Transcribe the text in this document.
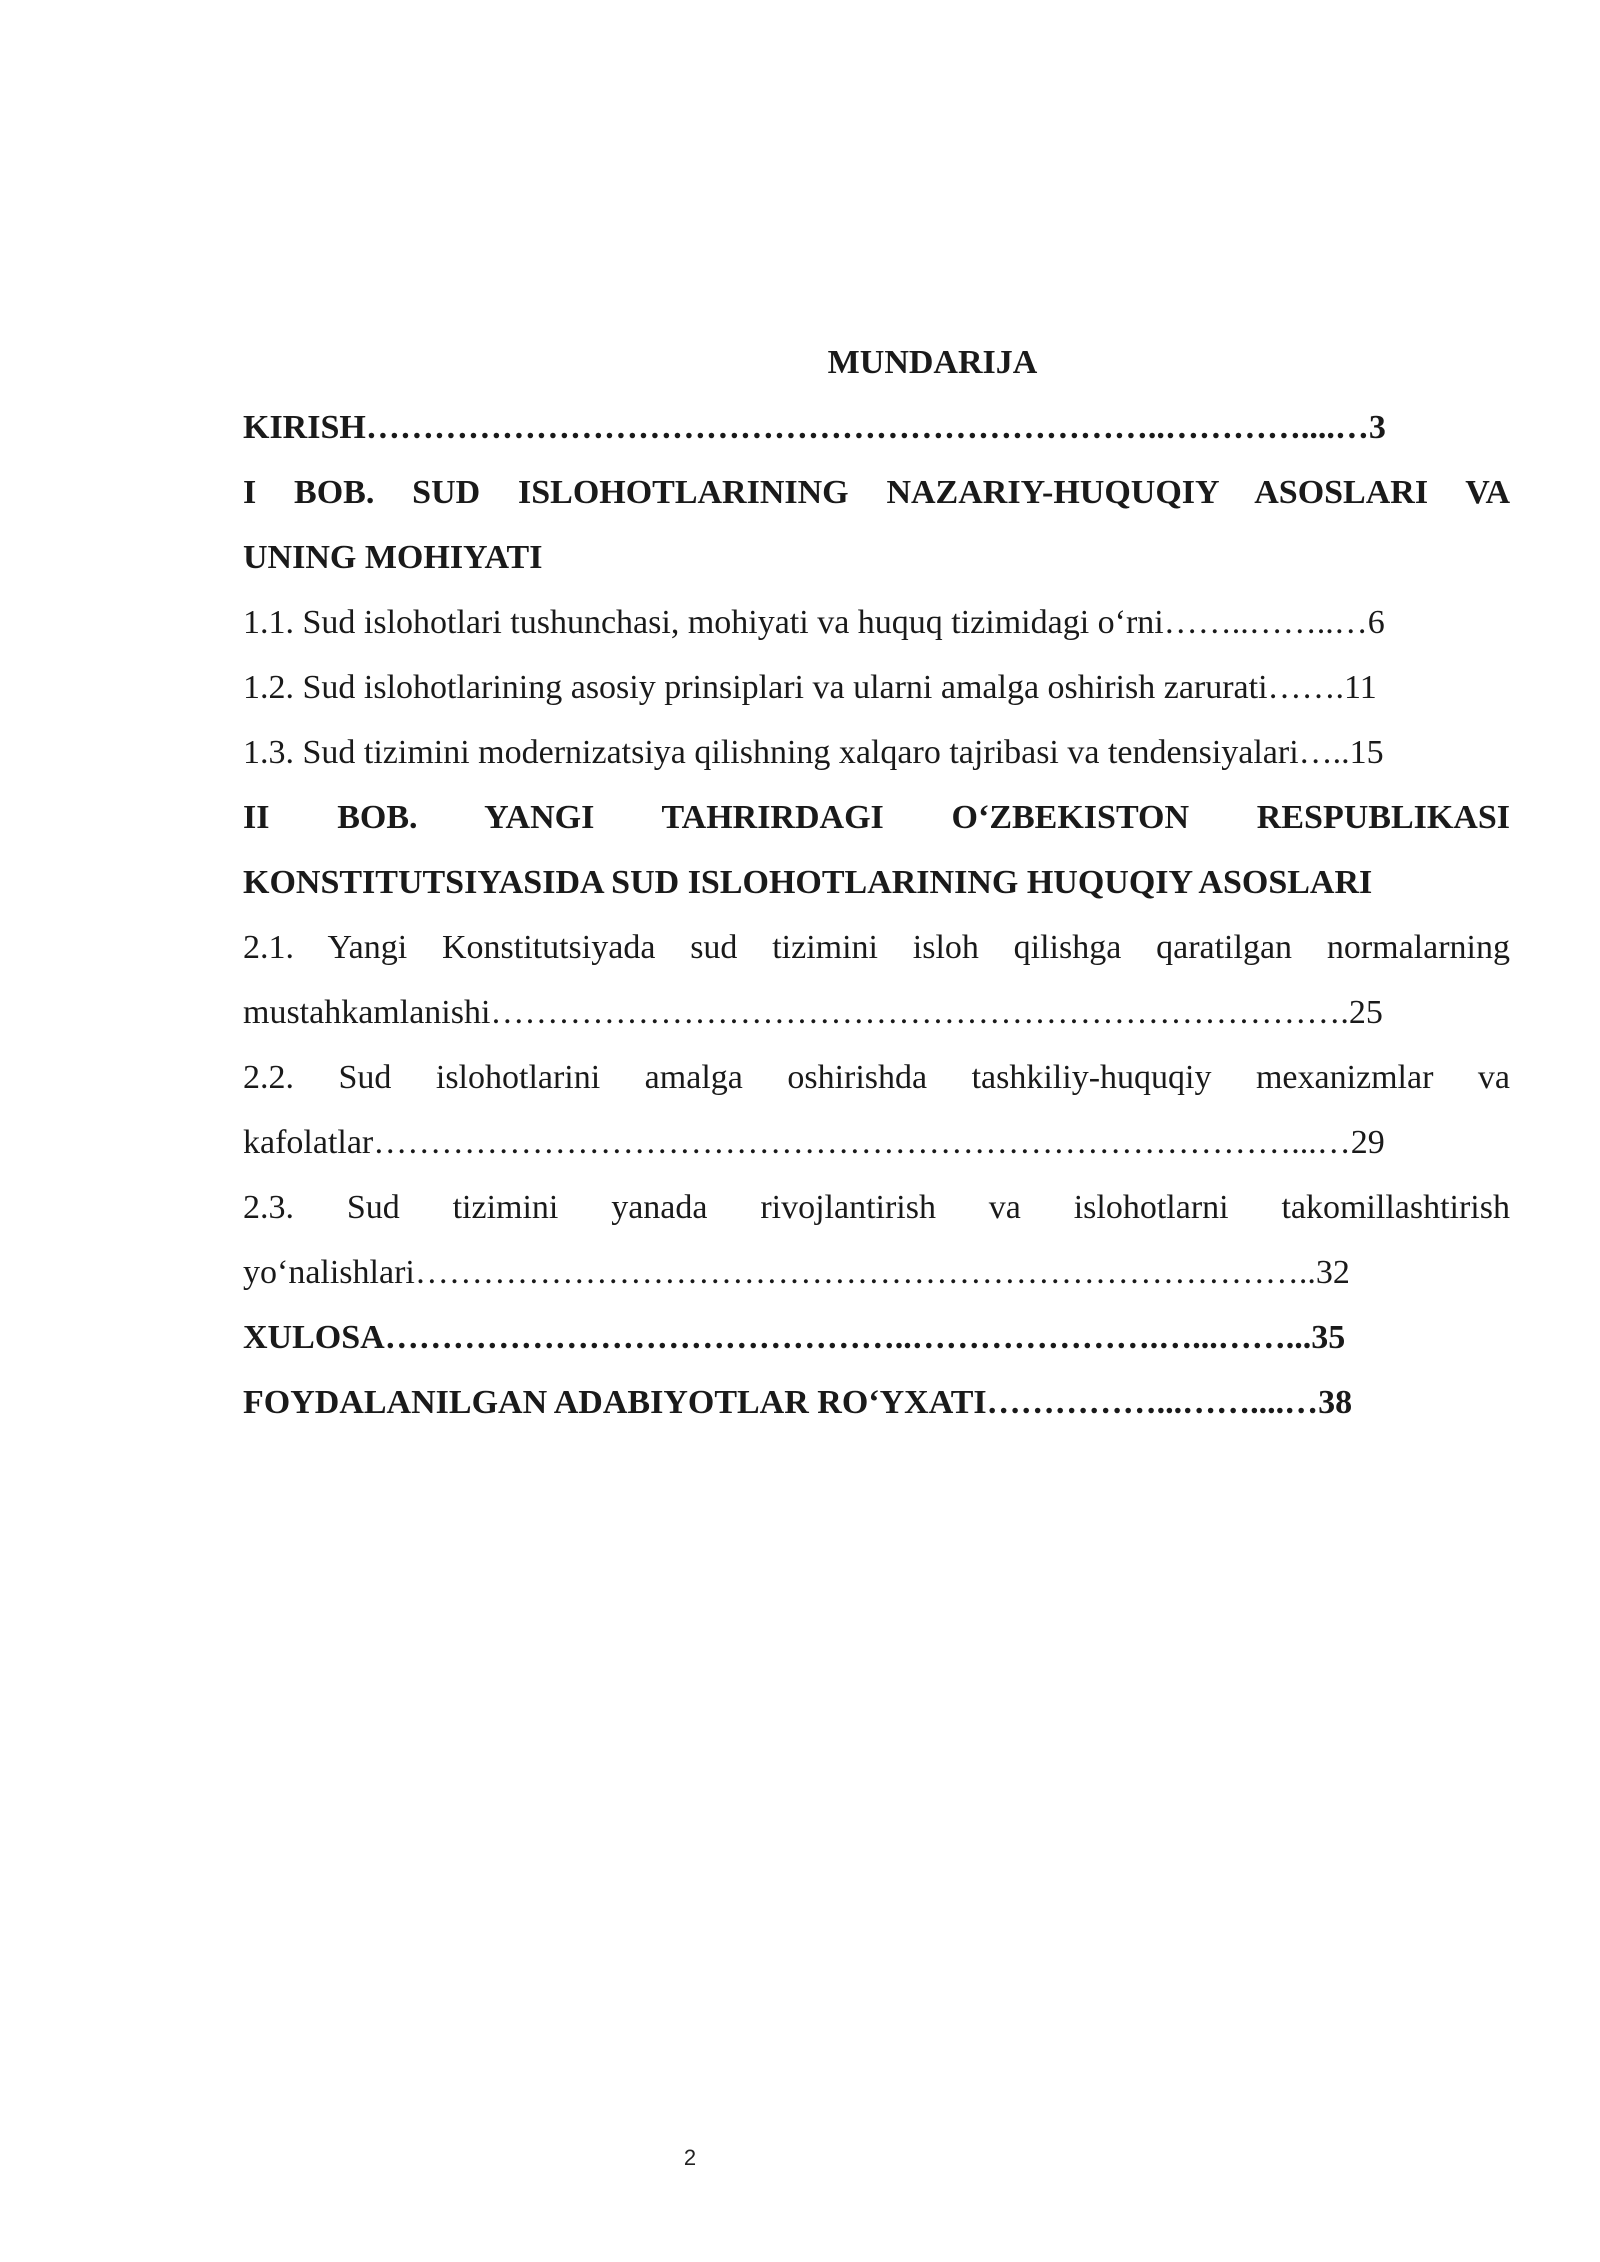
MUNDARIJA

KIRISH……………………………………………………………..…………....…3

I BOB. SUD ISLOHOTLARINING NAZARIY-HUQUQIY ASOSLARI VA

UNING MOHIYATI

1.1. Sud islohotlari tushunchasi, mohiyati va huquq tizimidagi o‘rni……..……..…6

1.2. Sud islohotlarining asosiy prinsiplari va ularni amalga oshirish zarurati…….11

1.3. Sud tizimini modernizatsiya qilishning xalqaro tajribasi va tendensiyalari…..15

II BOB. YANGI TAHRIRDAGI O‘ZBEKISTON RESPUBLIKASI

KONSTITUTSIYASIDA SUD ISLOHOTLARINING HUQUQIY ASOSLARI

2.1. Yangi Konstitutsiyada sud tizimini isloh qilishga qaratilgan normalarning

mustahkamlanishi………………………………………………………………….25

2.2. Sud islohotlarini amalga oshirishda tashkiliy-huquqiy mexanizmlar va

kafolatlar………………………………………………………………………...…29

2.3. Sud tizimini yanada rivojlantirish va islohotlarni takomillashtirish

yo‘nalishlari……………………………………………………………………..32

XULOSA………………………………………..………………….…...……...35

FOYDALANILGAN ADABIYOTLAR RO‘YXATI……………...……....…38

2
